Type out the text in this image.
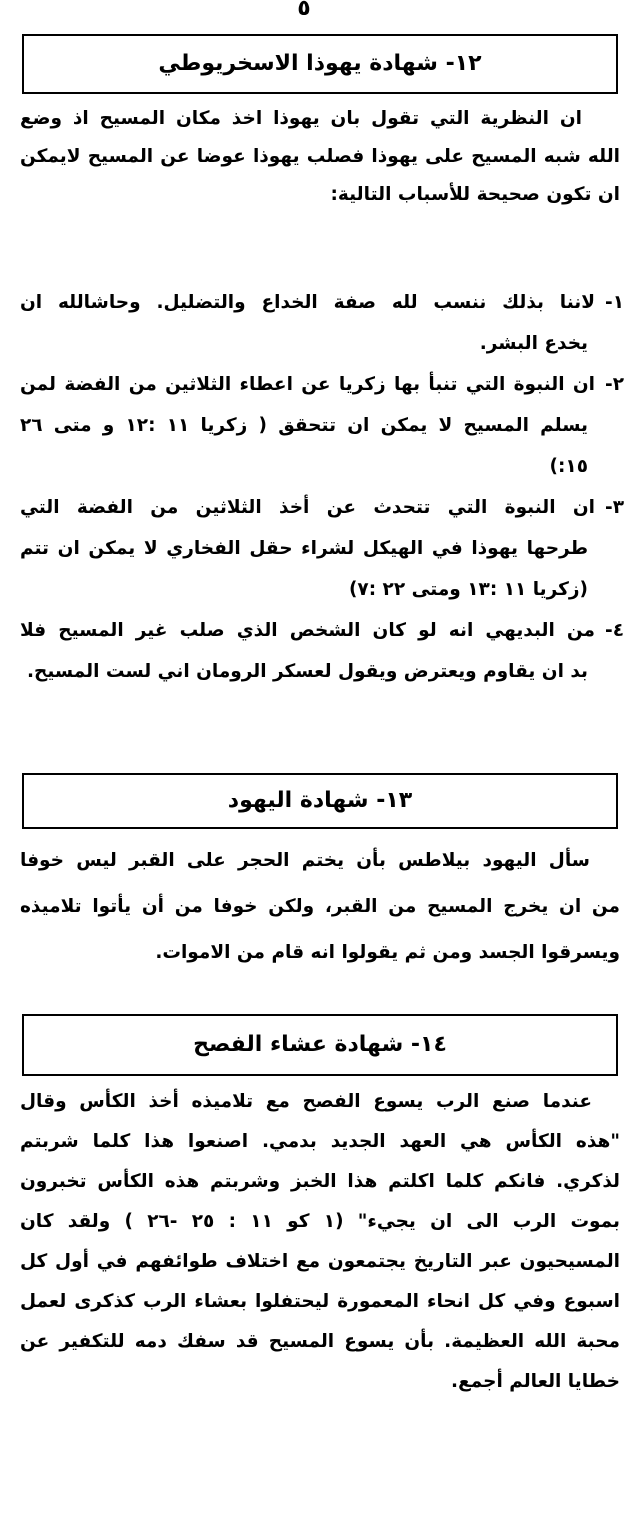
٥
١٢- شهادة يهوذا الاسخريوطي
ان النظرية التي تقول بان يهوذا اخذ مكان المسيح اذ وضع
الله شبه المسيح على يهوذا فصلب يهوذا عوضا عن المسيح لايمكن
ان تكون صحيحة للأسباب التالية:
١-لاننا بذلك ننسب لله صفة الخداع والتضليل. وحاشالله ان
يخدع البشر.
٢-ان النبوة التي تنبأ بها زكريا عن اعطاء الثلاثين من الفضة لمن
يسلم المسيح لا يمكن ان تتحقق ( زكريا ١١ :١٢ و متى ٢٦
١٥:)
٣-ان النبوة التي تتحدث عن أخذ الثلاثين من الفضة التي
طرحها يهوذا في الهيكل لشراء حقل الفخاري لا يمكن ان تتم
(زكريا ١١ :١٣ ومتى ٢٢ :٧)
٤-من البديهي انه لو كان الشخص الذي صلب غير المسيح فلا
بد ان يقاوم ويعترض ويقول لعسكر الرومان اني لست المسيح.
١٣- شهادة اليهود
سأل اليهود بيلاطس بأن يختم الحجر على القبر ليس خوفا
من ان يخرج المسيح من القبر، ولكن خوفا من أن يأتوا تلاميذه
ويسرقوا الجسد ومن ثم يقولوا انه قام من الاموات.
١٤- شهادة عشاء الفصح
عندما صنع الرب يسوع الفصح مع تلاميذه أخذ الكأس وقال
"هذه الكأس هي العهد الجديد بدمي. اصنعوا هذا كلما شربتم
لذكري. فانكم كلما اكلتم هذا الخبز وشربتم هذه الكأس تخبرون
بموت الرب الى ان يجيء" (١ كو ١١ : ٢٥ -٢٦ ) ولقد كان
المسيحيون عبر التاريخ يجتمعون مع اختلاف طوائفهم في أول كل
اسبوع وفي كل انحاء المعمورة ليحتفلوا بعشاء الرب كذكرى لعمل
محبة الله العظيمة. بأن يسوع المسيح قد سفك دمه للتكفير عن
خطايا العالم أجمع.
